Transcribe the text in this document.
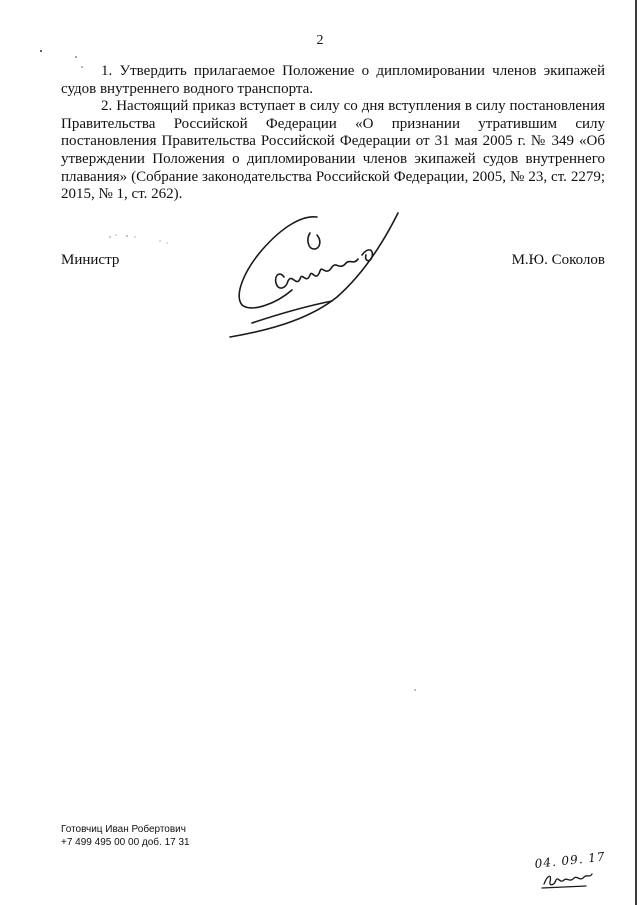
2

1. Утвердить прилагаемое Положение о дипломировании членов экипажей судов внутреннего водного транспорта.

2. Настоящий приказ вступает в силу со дня вступления в силу постановления Правительства Российской Федерации «О признании утратившим силу постановления Правительства Российской Федерации от 31 мая 2005 г. № 349 «Об утверждении Положения о дипломировании членов экипажей судов внутреннего плавания» (Собрание законодательства Российской Федерации, 2005, № 23, ст. 2279; 2015, № 1, ст. 262).

Министр	М.Ю. Соколов
Готовчиц Иван Робертович
+7 499 495 00 00 доб. 17 31
04. 09. 17
